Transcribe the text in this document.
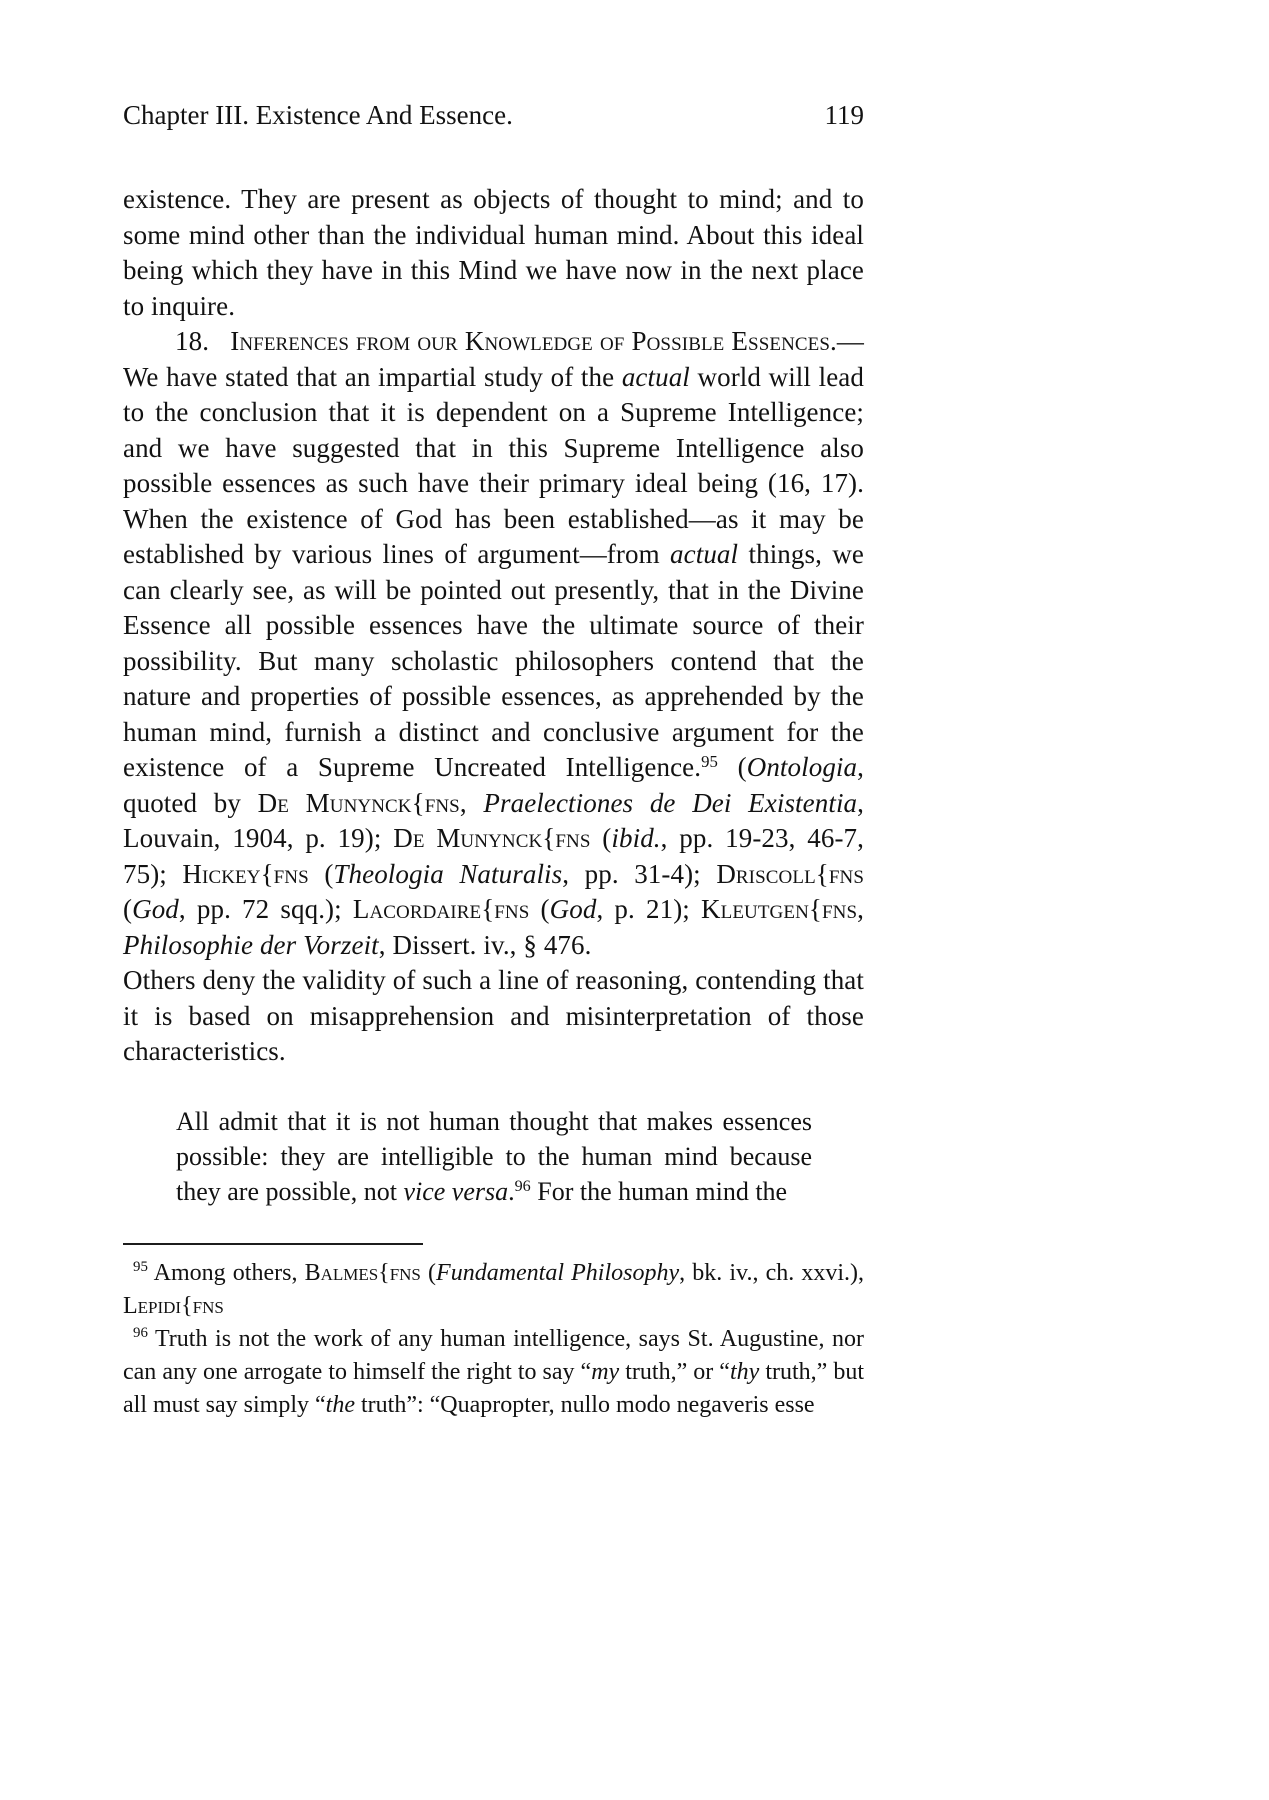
Chapter III. Existence And Essence.	119

existence. They are present as objects of thought to mind; and to some mind other than the individual human mind. About this ideal being which they have in this Mind we have now in the next place to inquire.

18.   Inferences from our Knowledge of Possible Essences.—We have stated that an impartial study of the actual world will lead to the conclusion that it is dependent on a Supreme Intelligence; and we have suggested that in this Supreme Intelligence also possible essences as such have their primary ideal being (16, 17). When the existence of God has been established—as it may be established by various lines of argument—from actual things, we can clearly see, as will be pointed out presently, that in the Divine Essence all possible essences have the ultimate source of their possibility. But many scholastic philosophers contend that the nature and properties of possible essences, as apprehended by the human mind, furnish a distinct and conclusive argument for the existence of a Supreme Uncreated Intelligence.$^{95}$ (Ontologia, quoted by De Munynck{fns, Praelectiones de Dei Existentia, Louvain, 1904, p. 19); De Munynck{fns (ibid., pp. 19-23, 46-7, 75); Hickey{fns (Theologia Naturalis, pp. 31-4); Driscoll{fns (God, pp. 72 sqq.); Lacordaire{fns (God, p. 21); Kleutgen{fns, Philosophie der Vorzeit, Dissert. iv., § 476.

Others deny the validity of such a line of reasoning, contending that it is based on misapprehension and misinterpretation of those characteristics.

All admit that it is not human thought that makes essences possible: they are intelligible to the human mind because they are possible, not vice versa.$^{96}$ For the human mind the

$^{95}$ Among others, Balmes{fns (Fundamental Philosophy, bk. iv., ch. xxvi.), Lepidi{fns

$^{96}$ Truth is not the work of any human intelligence, says St. Augustine, nor can any one arrogate to himself the right to say “my truth,” or “thy truth,” but all must say simply “the truth”: “Quapropter, nullo modo negaveris esse
